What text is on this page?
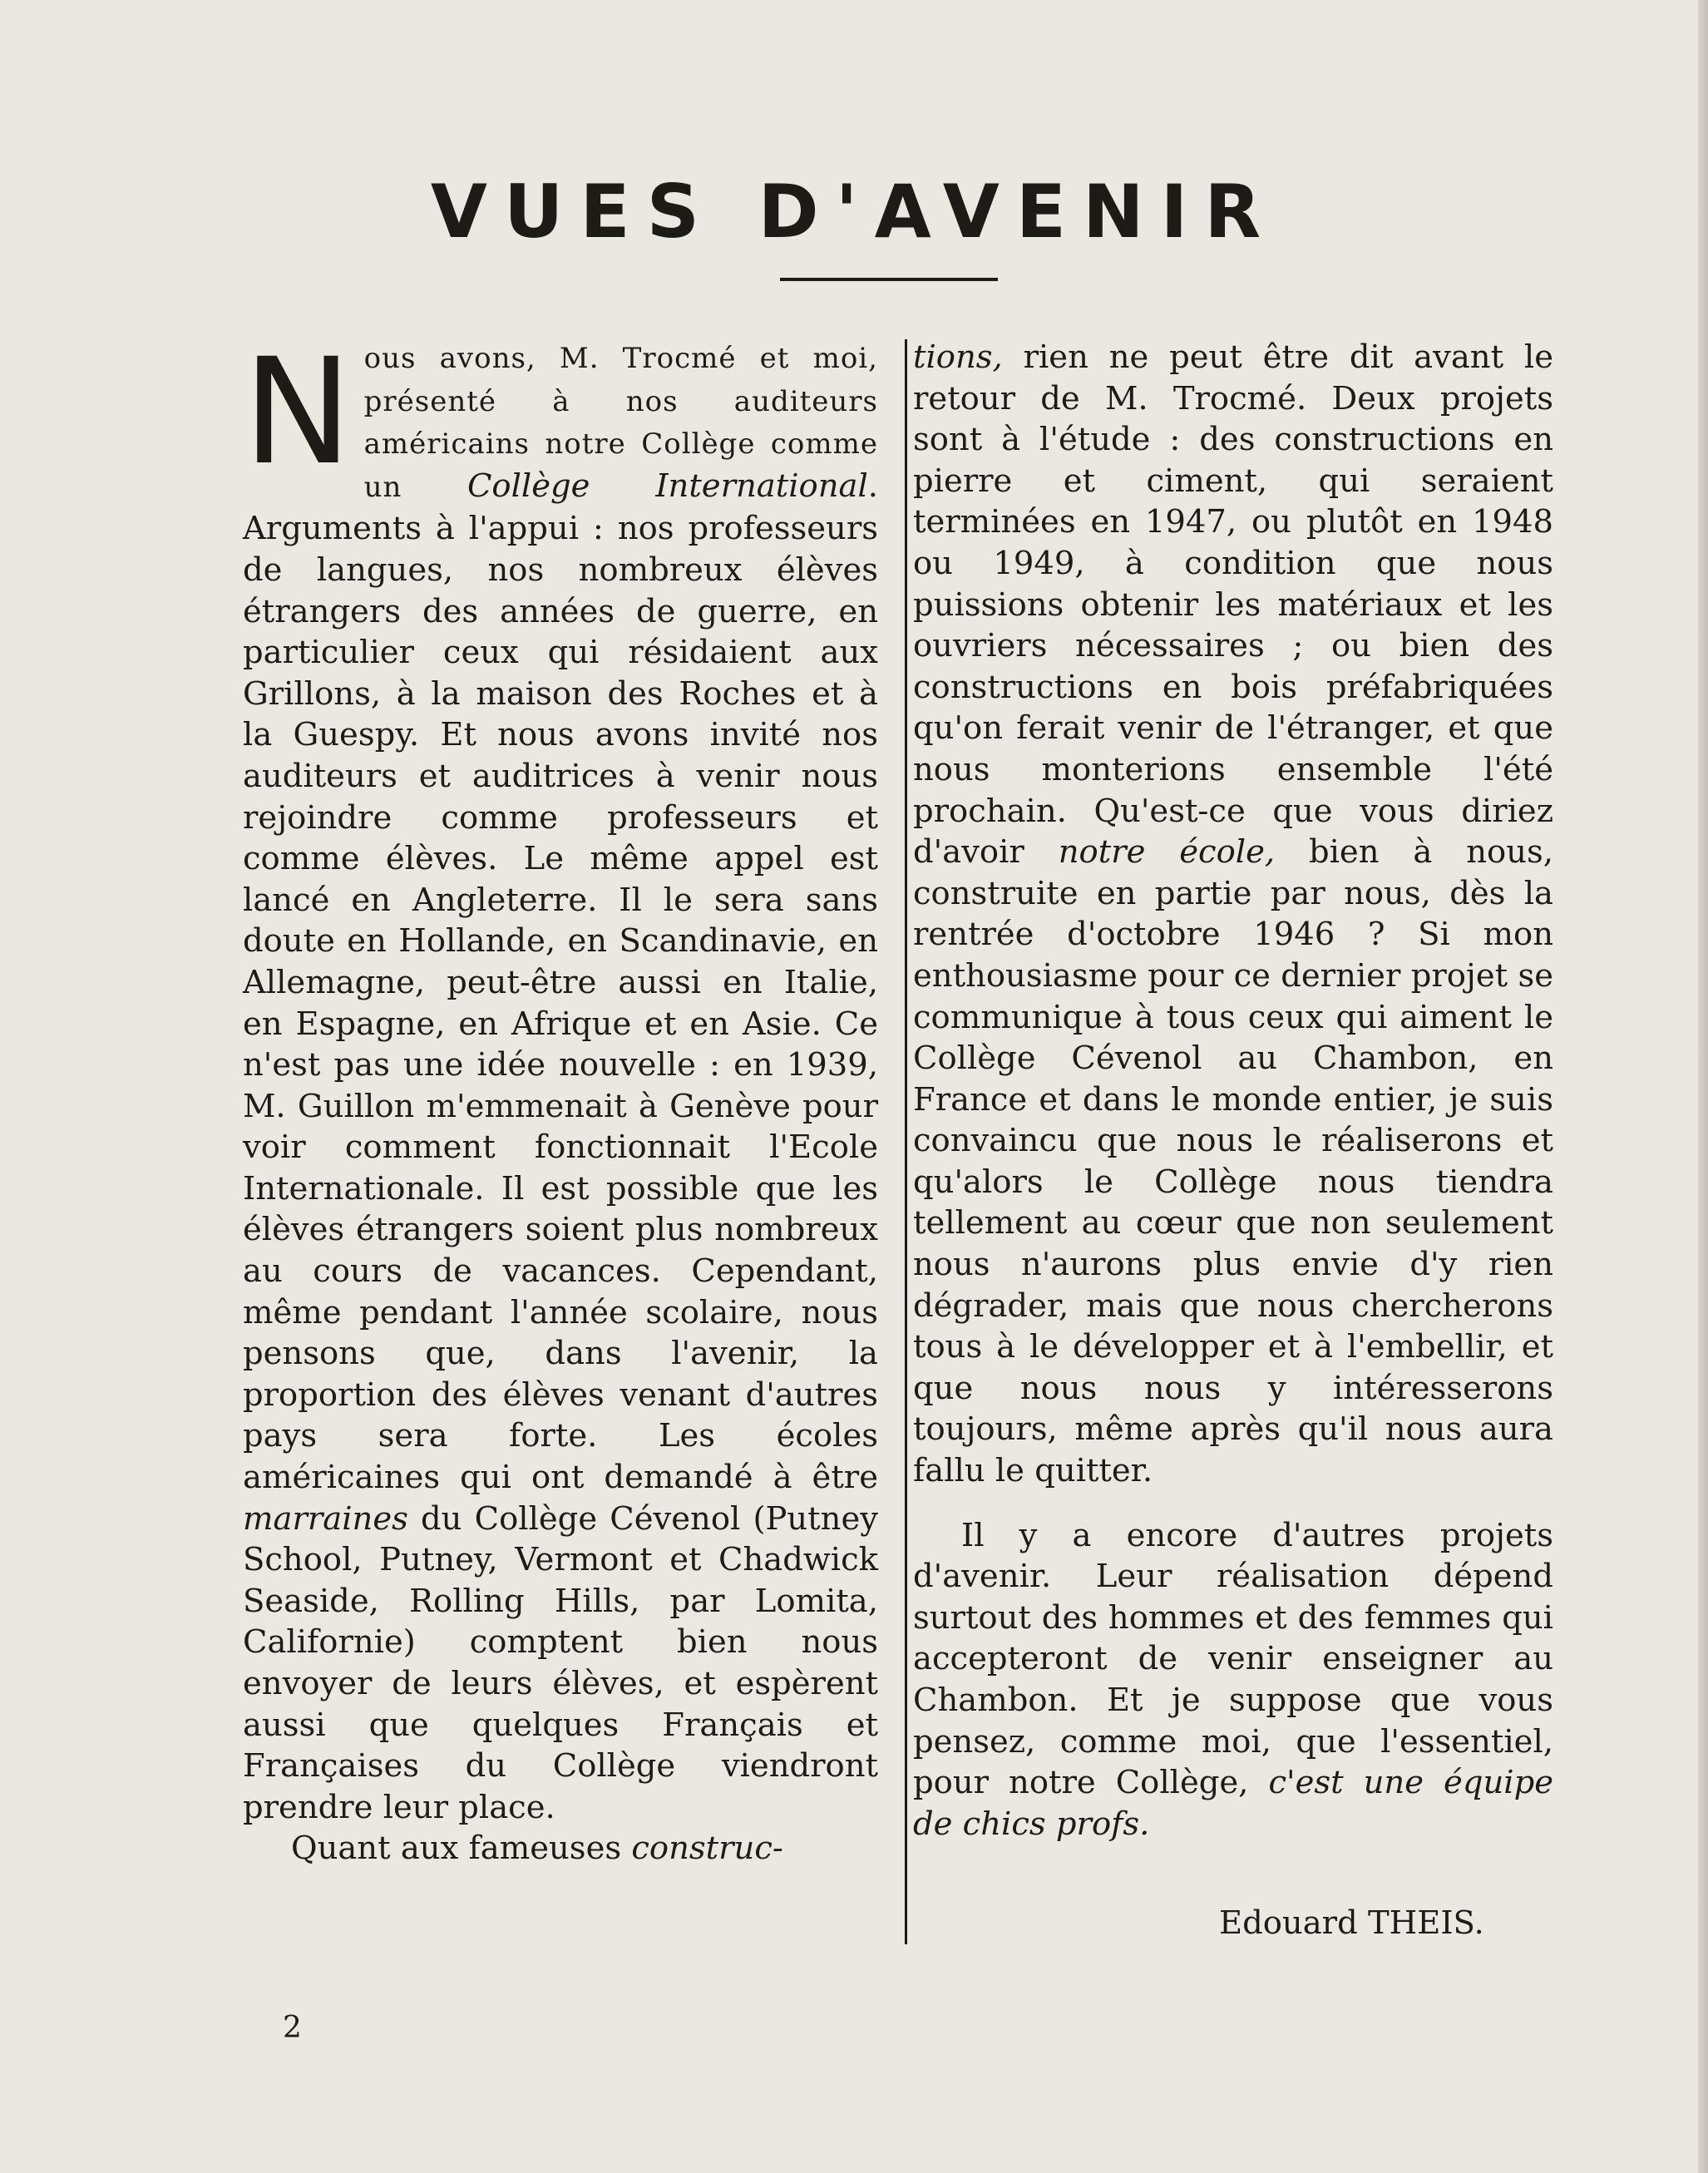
VUES D'AVENIR

Nous avons, M. Trocmé et moi, présenté à nos auditeurs américains notre Collège comme un Collège International. Arguments à l'appui : nos professeurs de langues, nos nombreux élèves étrangers des années de guerre, en particulier ceux qui résidaient aux Grillons, à la maison des Roches et à la Guespy. Et nous avons invité nos auditeurs et auditrices à venir nous rejoindre comme professeurs et comme élèves. Le même appel est lancé en Angleterre. Il le sera sans doute en Hollande, en Scandinavie, en Allemagne, peut-être aussi en Italie, en Espagne, en Afrique et en Asie. Ce n'est pas une idée nouvelle : en 1939, M. Guillon m'emmenait à Genève pour voir comment fonctionnait l'Ecole Internationale. Il est possible que les élèves étrangers soient plus nombreux au cours de vacances. Cependant, même pendant l'année scolaire, nous pensons que, dans l'avenir, la proportion des élèves venant d'autres pays sera forte. Les écoles américaines qui ont demandé à être marraines du Collège Cévenol (Putney School, Putney, Vermont et Chadwick Seaside, Rolling Hills, par Lomita, Californie) comptent bien nous envoyer de leurs élèves, et espèrent aussi que quelques Français et Françaises du Collège viendront prendre leur place.

Quant aux fameuses construc-

tions, rien ne peut être dit avant le retour de M. Trocmé. Deux projets sont à l'étude : des constructions en pierre et ciment, qui seraient terminées en 1947, ou plutôt en 1948 ou 1949, à condition que nous puissions obtenir les matériaux et les ouvriers nécessaires ; ou bien des constructions en bois préfabriquées qu'on ferait venir de l'étranger, et que nous monterions ensemble l'été prochain. Qu'est-ce que vous diriez d'avoir notre école, bien à nous, construite en partie par nous, dès la rentrée d'octobre 1946 ? Si mon enthousiasme pour ce dernier projet se communique à tous ceux qui aiment le Collège Cévenol au Chambon, en France et dans le monde entier, je suis convaincu que nous le réaliserons et qu'alors le Collège nous tiendra tellement au cœur que non seulement nous n'aurons plus envie d'y rien dégrader, mais que nous chercherons tous à le développer et à l'embellir, et que nous nous y intéresserons toujours, même après qu'il nous aura fallu le quitter.

Il y a encore d'autres projets d'avenir. Leur réalisation dépend surtout des hommes et des femmes qui accepteront de venir enseigner au Chambon. Et je suppose que vous pensez, comme moi, que l'essentiel, pour notre Collège, c'est une équipe de chics profs.

Edouard THEIS.
2
